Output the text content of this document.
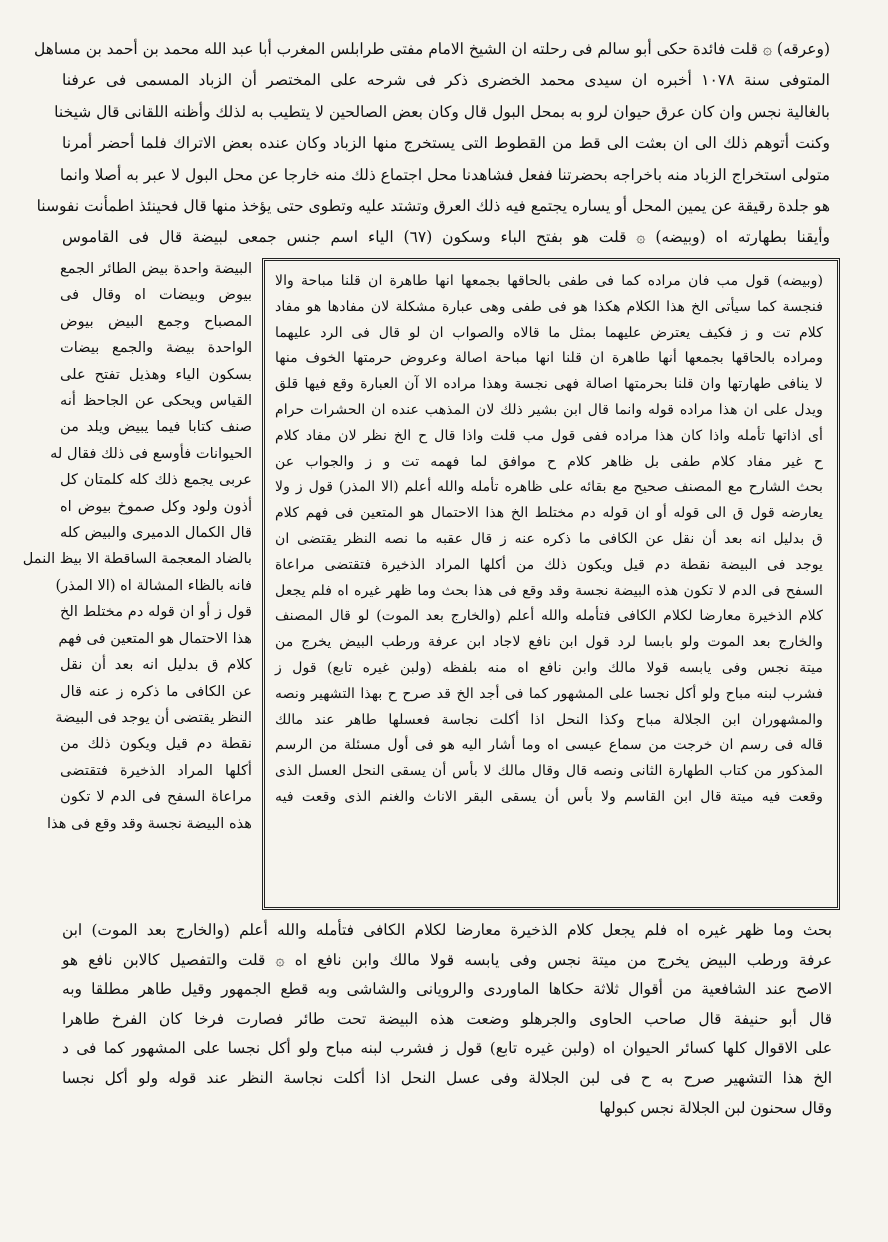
(وعرقه) ۞ قلت فائدة حكى أبو سالم فى رحلته ان الشيخ الامام مفتى طرابلس المغرب أبا عبد الله محمد بن أحمد بن مساهل
المتوفى سنة ١٠٧٨ أخبره ان سيدى محمد الخضرى ذكر فى شرحه على المختصر أن الزباد المسمى فى عرفنا
بالغالية نجس وان كان عرق حيوان لرو به بمحل البول قال وكان بعض الصالحين لا يتطيب به لذلك وأظنه اللقانى قال شيخنا
وكنت أتوهم ذلك الى ان بعثت الى قط من القطوط التى يستخرج منها الزباد وكان عنده بعض الاتراك فلما أحضر أمرنا
متولى استخراج الزباد منه باخراجه بحضرتنا ففعل فشاهدنا محل اجتماع ذلك منه خارجا عن محل البول لا عبر به أصلا وانما
هو جلدة رقيقة عن يمين المحل أو يساره يجتمع فيه ذلك العرق وتشتد عليه وتطوى حتى يؤخذ منها قال فحينئذ اطمأنت نفوسنا
وأيقنا بطهارته اه (وبيضه) ۞ قلت هو بفتح الباء وسكون (٦٧) الياء اسم جنس جمعى لبيضة قال فى القاموس
(وبيضه) قول مب فان مراده كما فى طفى بالحاقها بجمعها انها طاهرة ان قلنا مباحة والا
فنجسة كما سيأتى الخ هذا الكلام هكذا هو فى طفى وهى عبارة مشكلة لان مفادها هو مفاد
كلام تت و ز فكيف يعترض عليهما بمثل ما قالاه والصواب ان لو قال فى الرد عليهما
ومراده بالحاقها بجمعها أنها طاهرة ان قلنا انها مباحة اصالة وعروض حرمتها الخوف منها
لا ينافى طهارتها وان قلنا بحرمتها اصالة فهى نجسة وهذا مراده الا آن العبارة وقع فيها قلق
ويدل على ان هذا مراده قوله وانما قال ابن بشير ذلك لان المذهب عنده ان الحشرات حرام
أى اذاتها تأمله واذا كان هذا مراده ففى قول مب قلت واذا قال ح الخ نظر لان مفاد كلام
ح غير مفاد كلام طفى بل ظاهر كلام ح موافق لما فهمه تت و ز والجواب عن
بحث الشارح مع المصنف صحيح مع بقائه على ظاهره تأمله والله أعلم (الا المذر) قول ز ولا
يعارضه قول ق الى قوله أو ان قوله دم مختلط الخ هذا الاحتمال هو المتعين فى فهم كلام
ق بدليل انه بعد أن نقل عن الكافى ما ذكره عنه ز قال عقبه ما نصه النظر يقتضى ان
يوجد فى البيضة نقطة دم قيل ويكون ذلك من أكلها المراد الذخيرة فتقتضى مراعاة
السفح فى الدم لا تكون هذه البيضة نجسة وقد وقع فى هذا بحث وما ظهر غيره اه فلم يجعل
كلام الذخيرة معارضا لكلام الكافى فتأمله والله أعلم (والخارج بعد الموت) لو قال المصنف
والخارج بعد الموت ولو بابسا لرد قول ابن نافع لاجاد ابن عرفة ورطب البيض يخرج من
ميتة نجس وفى يابسه قولا مالك وابن نافع اه منه بلفظه (ولبن غيره تابع) قول ز
فشرب لبنه مباح ولو أكل نجسا على المشهور كما فى أجد الخ قد صرح ح بهذا التشهير ونصه
والمشهوران ابن الجلالة مباح وكذا النحل اذا أكلت نجاسة فعسلها طاهر عند مالك
قاله فى رسم ان خرجت من سماع عيسى اه وما أشار اليه هو فى أول مسئلة من الرسم
المذكور من كتاب الطهارة الثانى ونصه قال وقال مالك لا بأس أن يسقى النحل العسل الذى
وقعت فيه ميتة قال ابن القاسم ولا بأس أن يسقى البقر الاناث والغنم الذى وقعت فيه
البيضة واحدة بيض الطائر الجمع
بيوض وبيضات اه وقال فى
المصباح وجمع البيض بيوض
الواحدة بيضة والجمع بيضات
بسكون الياء وهذيل تفتح على
القياس ويحكى عن الجاحظ أنه
صنف كتابا فيما يبيض ويلد من
الحيوانات فأوسع فى ذلك فقال له
عربى يجمع ذلك كله كلمتان كل
أذون ولود وكل صموخ بيوض اه
قال الكمال الدميرى والبيض كله
بالضاد المعجمة الساقطة الا بيظ النمل
فانه بالظاء المشالة اه (الا المذر)
قول ز أو ان قوله دم مختلط الخ
هذا الاحتمال هو المتعين فى فهم
كلام ق بدليل انه بعد أن نقل
عن الكافى ما ذكره ز عنه قال
النظر يقتضى أن يوجد فى البيضة
نقطة دم قيل ويكون ذلك من
أكلها المراد الذخيرة فتقتضى
مراعاة السفح فى الدم لا تكون
هذه البيضة نجسة وقد وقع فى هذا
بحث وما ظهر غيره اه فلم يجعل كلام الذخيرة معارضا لكلام الكافى فتأمله والله أعلم (والخارج بعد الموت) ابن
عرفة ورطب البيض يخرج من ميتة نجس وفى يابسه قولا مالك وابن نافع اه ۞ قلت والتفصيل كالابن نافع هو
الاصح عند الشافعية من أقوال ثلاثة حكاها الماوردى والرويانى والشاشى وبه قطع الجمهور وقيل طاهر مطلقا وبه
قال أبو حنيفة قال صاحب الحاوى والجرهلو وضعت هذه البيضة تحت طائر فصارت فرخا كان الفرخ طاهرا
على الاقوال كلها كسائر الحيوان اه (ولبن غيره تابع) قول ز فشرب لبنه مباح ولو أكل نجسا على المشهور كما فى د
الخ هذا التشهير صرح به ح فى لبن الجلالة وفى عسل النحل اذا أكلت نجاسة النظر عند قوله ولو أكل نجسا
وقال سحنون لبن الجلالة نجس كبولها
